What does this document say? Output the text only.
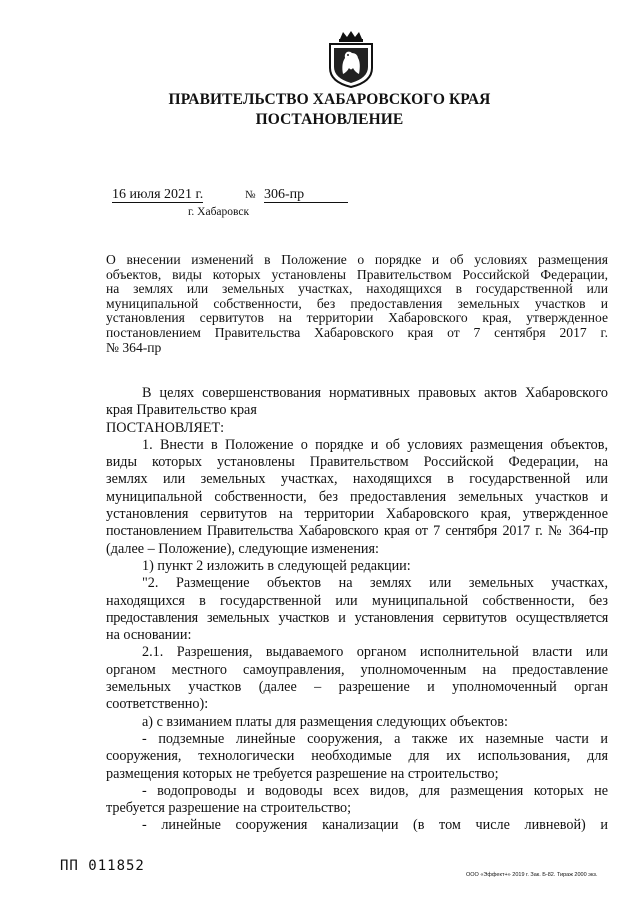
ПРАВИТЕЛЬСТВО ХАБАРОВСКОГО КРАЯ
ПОСТАНОВЛЕНИЕ
16 июля 2021 г.	№ 306-пр
г. Хабаровск
О внесении изменений в Положение о порядке и об условиях размещения
объектов, виды которых установлены Правительством Российской Федерации,
на землях или земельных участках, находящихся в государственной или
муниципальной собственности, без предоставления земельных участков и
установления сервитутов на территории Хабаровского края, утвержденное
постановлением Правительства Хабаровского края от 7 сентября 2017 г.
№ 364-пр
В целях совершенствования нормативных правовых актов Хабаровского
края Правительство края
ПОСТАНОВЛЯЕТ:
1. Внести в Положение о порядке и об условиях размещения объектов,
виды которых установлены Правительством Российской Федерации, на
землях или земельных участках, находящихся в государственной или
муниципальной собственности, без предоставления земельных участков и
установления сервитутов на территории Хабаровского края, утвержденное
постановлением Правительства Хабаровского края от 7 сентября 2017 г. № 364-пр
(далее – Положение), следующие изменения:
1) пункт 2 изложить в следующей редакции:
"2. Размещение объектов на землях или земельных участках,
находящихся в государственной или муниципальной собственности, без
предоставления земельных участков и установления сервитутов осуществляется
на основании:
2.1. Разрешения, выдаваемого органом исполнительной власти или
органом местного самоуправления, уполномоченным на предоставление
земельных участков (далее – разрешение и уполномоченный орган
соответственно):
а) с взиманием платы для размещения следующих объектов:
- подземные линейные сооружения, а также их наземные части и
сооружения, технологически необходимые для их использования, для
размещения которых не требуется разрешение на строительство;
- водопроводы и водоводы всех видов, для размещения которых не
требуется разрешение на строительство;
- линейные сооружения канализации (в том числе ливневой) и
ПП 011852
ООО «Эффект+» 2019 г. Зак. Б-82. Тираж 2000 экз.
